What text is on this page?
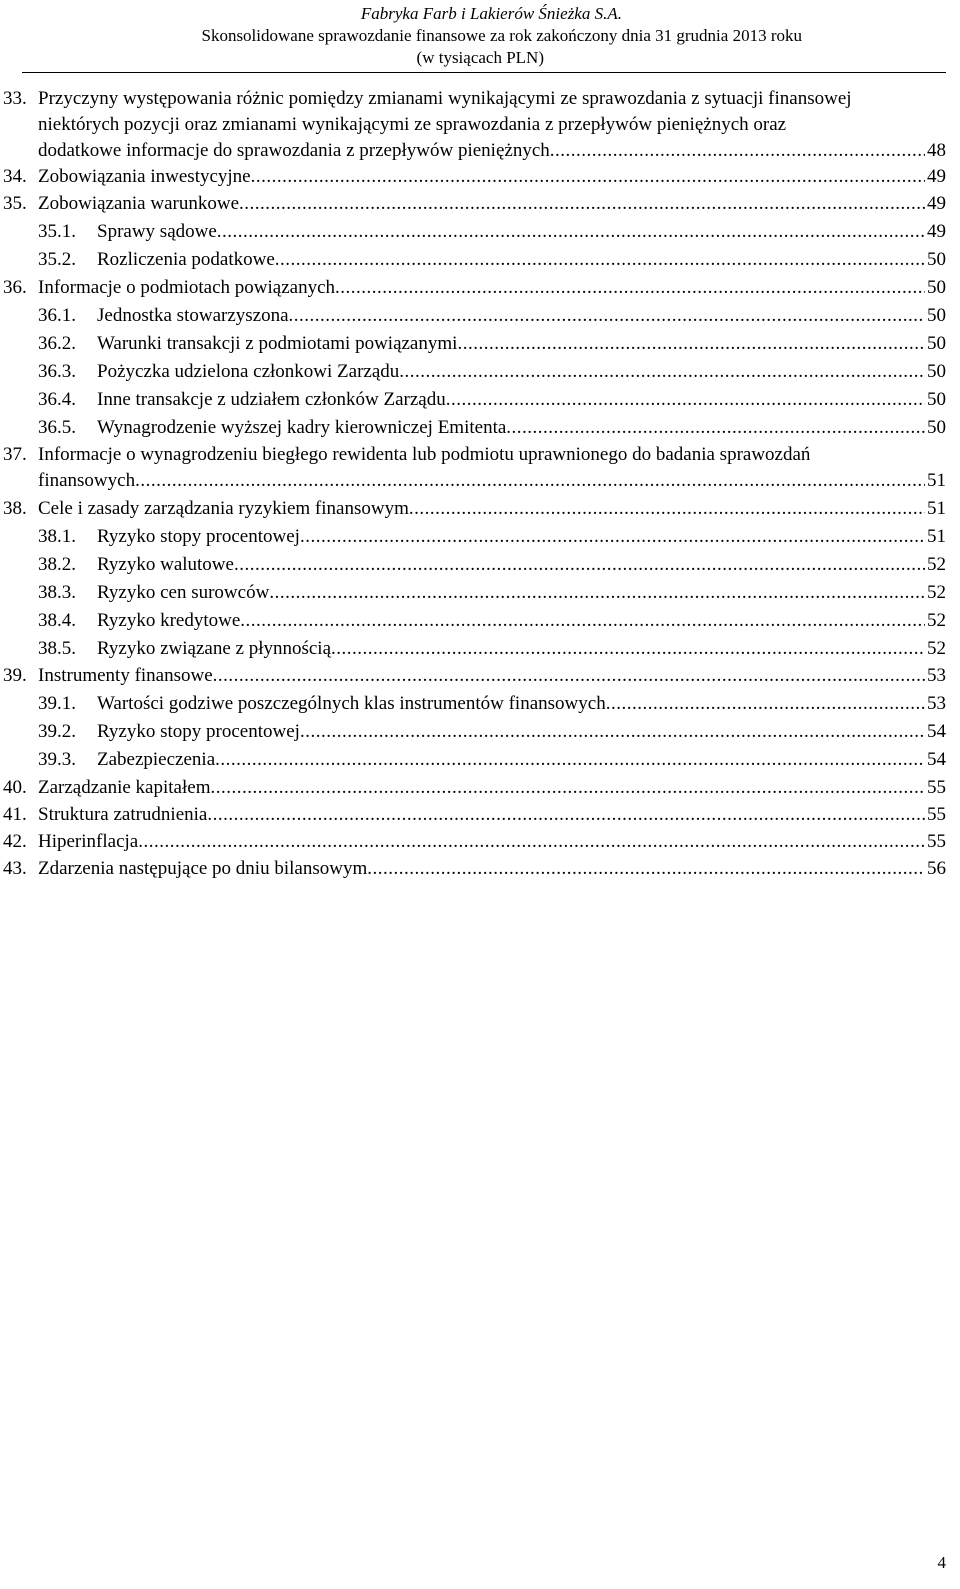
Fabryka Farb i Lakierów Śnieżka S.A.
Skonsolidowane sprawozdanie finansowe za rok zakończony dnia 31 grudnia 2013 roku
(w tysiącach PLN)
33. Przyczyny występowania różnic pomiędzy zmianami wynikającymi ze sprawozdania z sytuacji finansowej
niektórych pozycji oraz zmianami wynikającymi ze sprawozdania z przepływów pieniężnych oraz
dodatkowe informacje do sprawozdania z przepływów pieniężnych .....	48
34. Zobowiązania inwestycyjne .....	49
35. Zobowiązania warunkowe .....	49
35.1. Sprawy sądowe .....	49
35.2. Rozliczenia podatkowe .....	50
36. Informacje o podmiotach powiązanych .....	50
36.1. Jednostka stowarzyszona .....	50
36.2. Warunki transakcji z podmiotami powiązanymi .....	50
36.3. Pożyczka udzielona członkowi Zarządu .....	50
36.4. Inne transakcje z udziałem członków Zarządu .....	50
36.5. Wynagrodzenie wyższej kadry kierowniczej Emitenta .....	50
37. Informacje o wynagrodzeniu biegłego rewidenta lub podmiotu uprawnionego do badania sprawozdań
finansowych .....	51
38. Cele i zasady zarządzania ryzykiem finansowym .....	51
38.1. Ryzyko stopy procentowej .....	51
38.2. Ryzyko walutowe .....	52
38.3. Ryzyko cen surowców .....	52
38.4. Ryzyko kredytowe .....	52
38.5. Ryzyko związane z płynnością .....	52
39. Instrumenty finansowe .....	53
39.1. Wartości godziwe poszczególnych klas instrumentów finansowych .....	53
39.2. Ryzyko stopy procentowej .....	54
39.3. Zabezpieczenia .....	54
40. Zarządzanie kapitałem .....	55
41. Struktura zatrudnienia .....	55
42. Hiperinflacja .....	55
43. Zdarzenia następujące po dniu bilansowym .....	56
4
